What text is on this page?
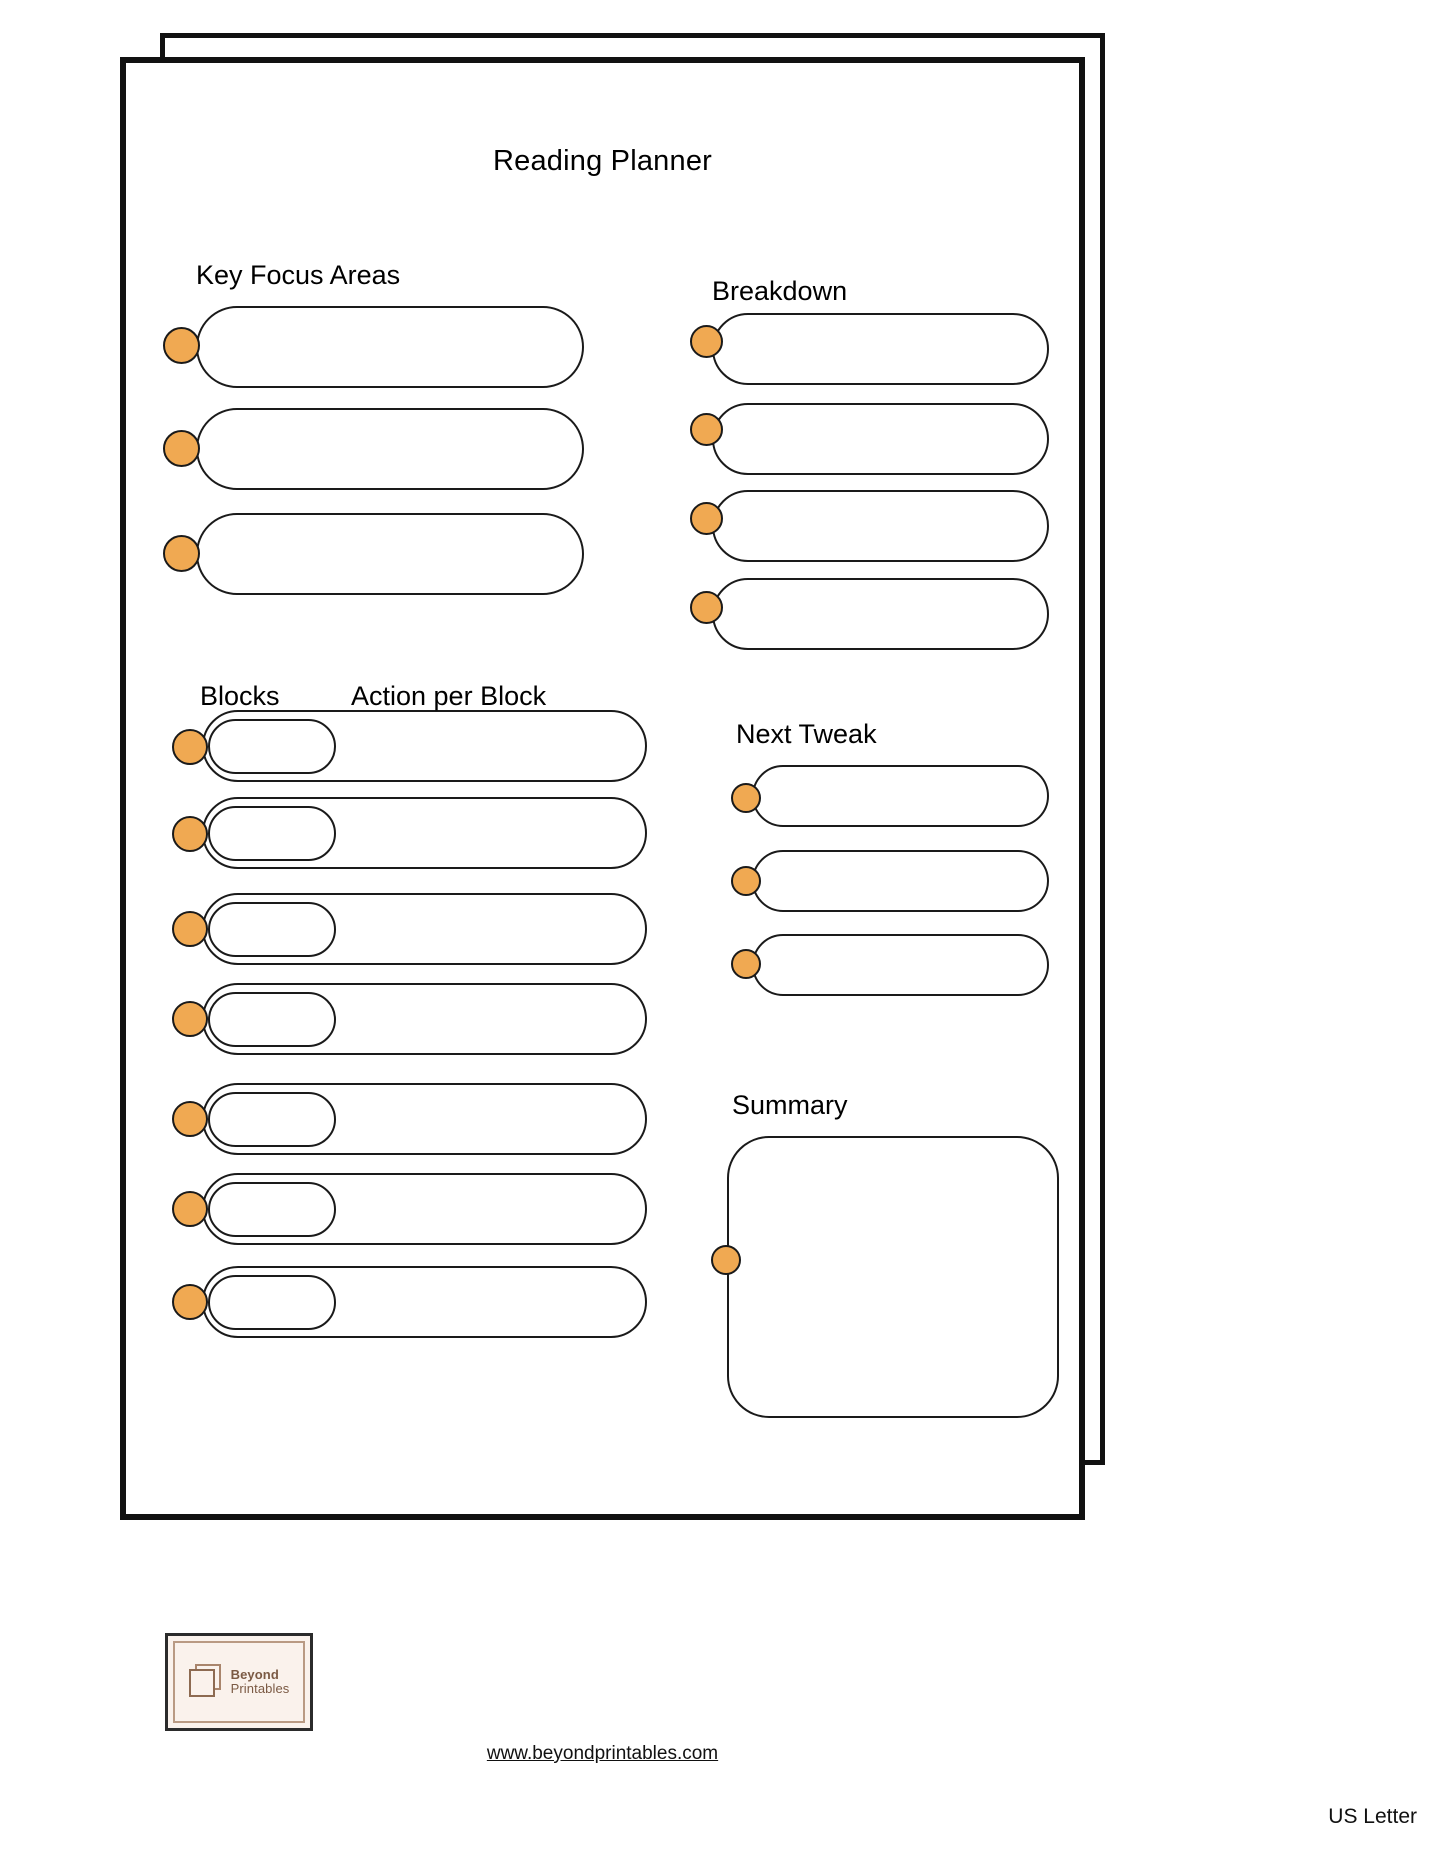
Reading Planner
Key Focus Areas
Breakdown
Blocks	Action per Block
Next Tweak
Summary
Beyond
Printables
www.beyondprintables.com
US Letter
